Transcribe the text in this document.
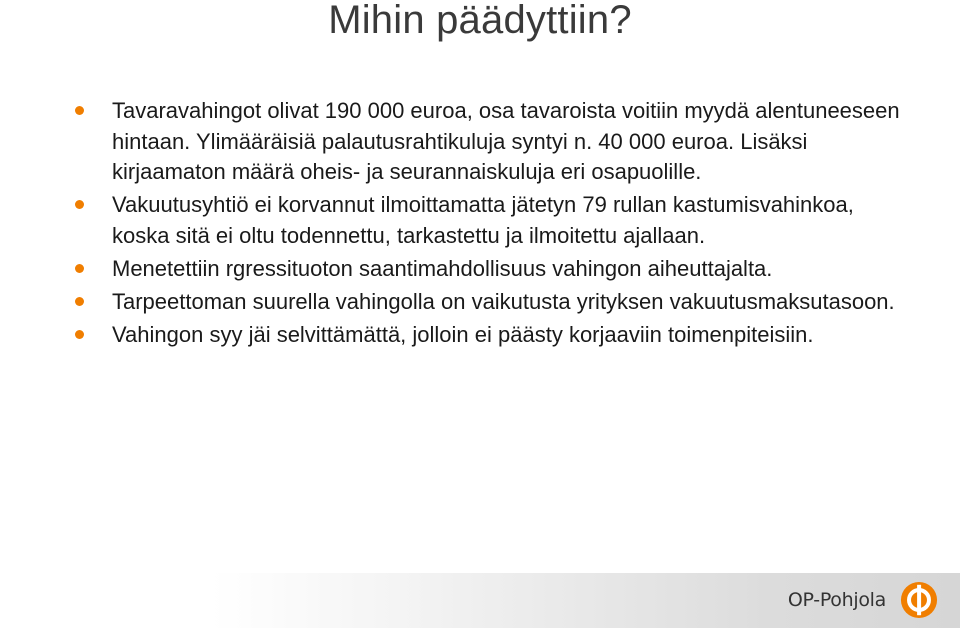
Mihin päädyttiin?
Tavaravahingot olivat 190 000 euroa, osa tavaroista voitiin myydä alentuneeseen hintaan. Ylimääräisiä palautusrahtikuluja syntyi n. 40 000 euroa. Lisäksi kirjaamaton määrä oheis- ja seurannaiskuluja eri osapuolille.
Vakuutusyhtiö ei korvannut ilmoittamatta jätetyn 79 rullan kastumisvahinkoa, koska sitä ei oltu todennettu, tarkastettu ja ilmoitettu ajallaan.
Menetettiin rgressituoton saantimahdollisuus vahingon aiheuttajalta.
Tarpeettoman suurella vahingolla on vaikutusta yrityksen vakuutusmaksutasoon.
Vahingon syy jäi selvittämättä, jolloin ei päästy korjaaviin toimenpiteisiin.
OP-Pohjola
